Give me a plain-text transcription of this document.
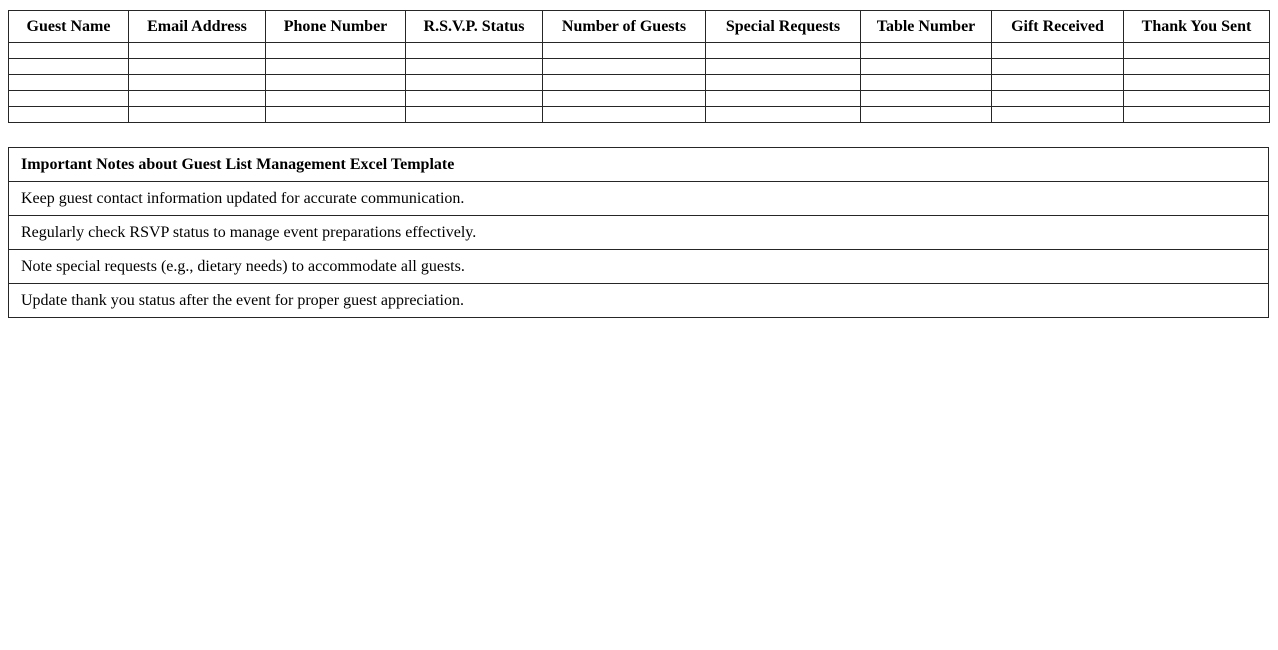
Guest Name	Email Address	Phone Number	R.S.V.P. Status	Number of Guests	Special Requests	Table Number	Gift Received	Thank You Sent

Important Notes about Guest List Management Excel Template
Keep guest contact information updated for accurate communication.
Regularly check RSVP status to manage event preparations effectively.
Note special requests (e.g., dietary needs) to accommodate all guests.
Update thank you status after the event for proper guest appreciation.
